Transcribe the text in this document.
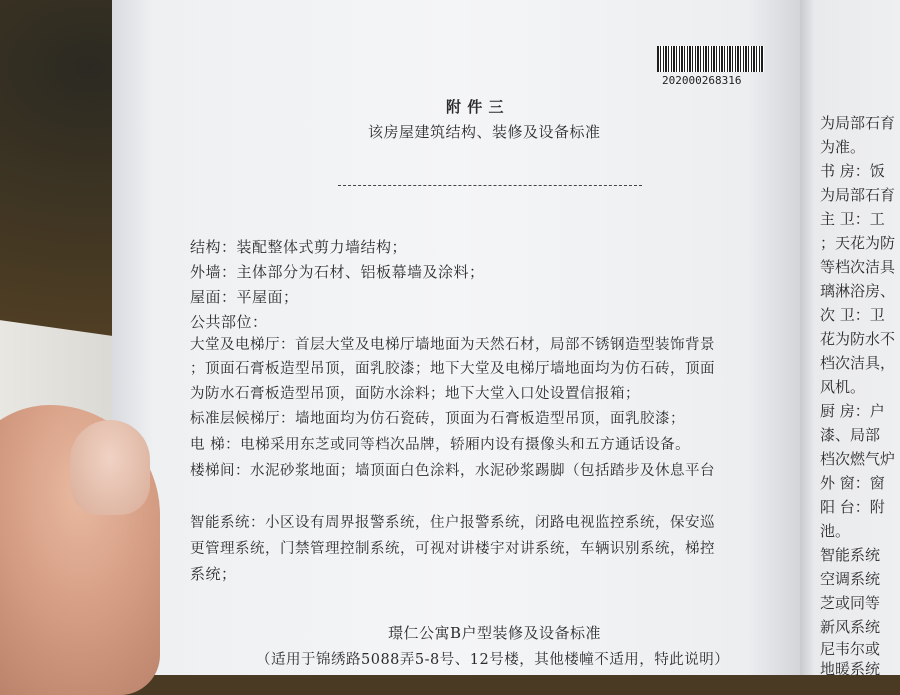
202000268316
附 件 三
该房屋建筑结构、装修及设备标准
结构：装配整体式剪力墙结构；
外墙：主体部分为石材、铝板幕墙及涂料；
屋面：平屋面；
公共部位：
大堂及电梯厅：首层大堂及电梯厅墙地面为天然石材，局部不锈钢造型装饰背景
；顶面石膏板造型吊顶，面乳胶漆；地下大堂及电梯厅墙地面均为仿石砖，顶面
为防水石膏板造型吊顶，面防水涂料；地下大堂入口处设置信报箱；
标准层候梯厅：墙地面均为仿石瓷砖，顶面为石膏板造型吊顶，面乳胶漆；
电 梯：电梯采用东芝或同等档次品牌，轿厢内设有摄像头和五方通话设备。
楼梯间：水泥砂浆地面；墙顶面白色涂料，水泥砂浆踢脚（包括踏步及休息平台
智能系统：小区设有周界报警系统，住户报警系统，闭路电视监控系统，保安巡
更管理系统，门禁管理控制系统，可视对讲楼宇对讲系统，车辆识别系统，梯控
系统；
璟仁公寓B户型装修及设备标准
（适用于锦绣路5088弄5-8号、12号楼，其他楼幢不适用，特此说明）
为局部石育
为准。
书 房：饭
为局部石育
主 卫：工
；天花为防
等档次洁具
璃淋浴房、
次 卫：卫
花为防水不
档次洁具，
风机。
厨 房：户
漆、局部
档次燃气炉
外 窗：窗
阳 台：附
池。
智能系统
空调系统
芝或同等
新风系统
尼韦尔或
地暖系统
